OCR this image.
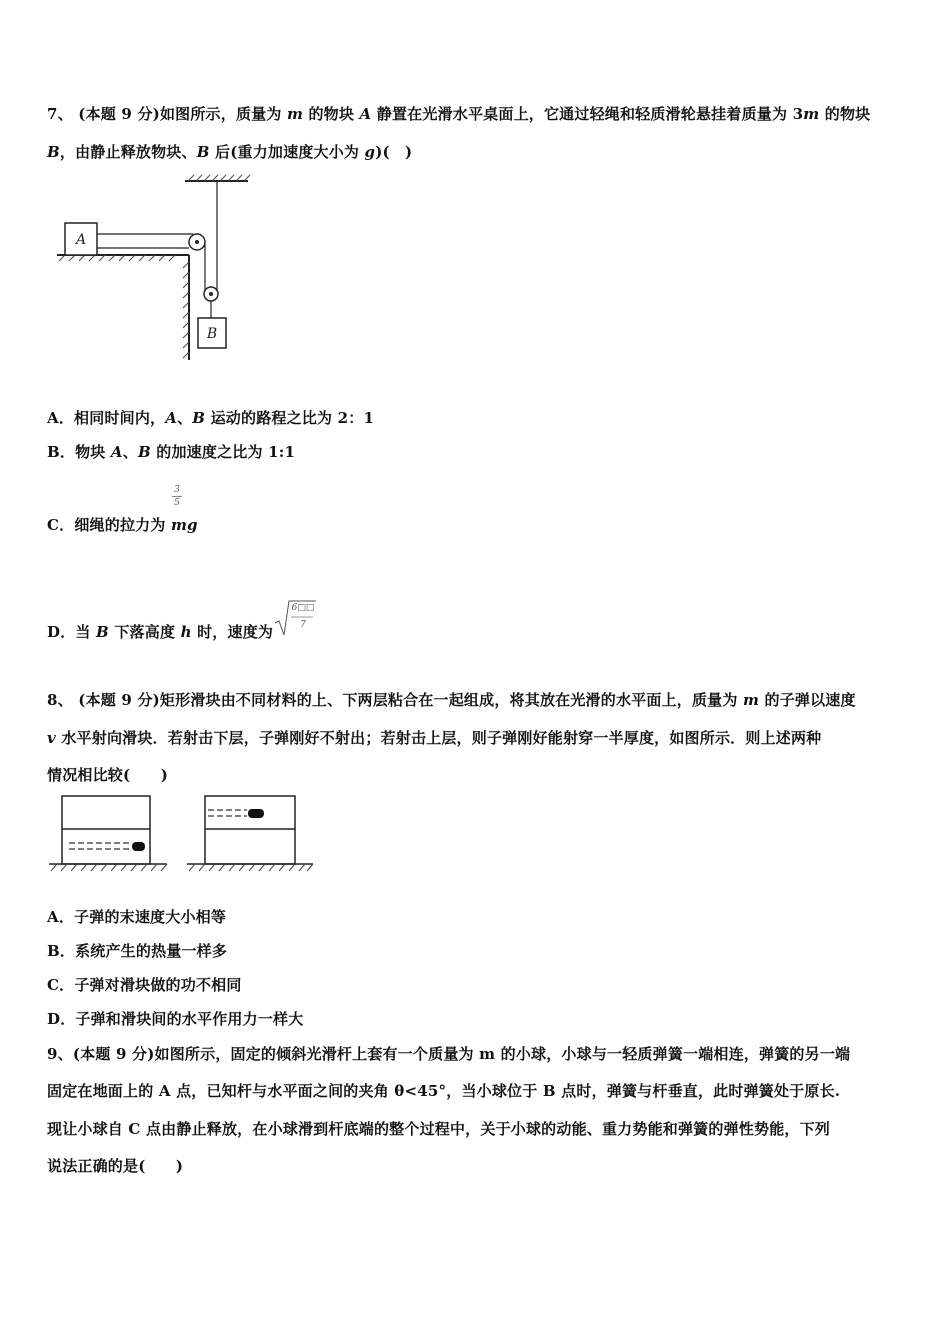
7、 (本题 9 分)如图所示，质量为 m 的物块 A 静置在光滑水平桌面上，它通过轻绳和轻质滑轮悬挂着质量为 3m 的物块
B，由静止释放物块、B 后(重力加速度大小为 g)(　)
A
B
A．相同时间内，A、B 运动的路程之比为 2：1
B．物块 A、B 的加速度之比为 1:1
3
5
C．细绳的拉力为 mg
D．当 B 下落高度 h 时，速度为
6□□
7
8、 (本题 9 分)矩形滑块由不同材料的上、下两层粘合在一起组成，将其放在光滑的水平面上，质量为 m 的子弹以速度
v 水平射向滑块．若射击下层，子弹刚好不射出；若射击上层，则子弹刚好能射穿一半厚度，如图所示．则上述两种
情况相比较(　　)
A．子弹的末速度大小相等
B．系统产生的热量一样多
C．子弹对滑块做的功不相同
D．子弹和滑块间的水平作用力一样大
9、(本题 9 分)如图所示，固定的倾斜光滑杆上套有一个质量为 m 的小球，小球与一轻质弹簧一端相连，弹簧的另一端
固定在地面上的 A 点，已知杆与水平面之间的夹角 θ<45°，当小球位于 B 点时，弹簧与杆垂直，此时弹簧处于原长.
现让小球自 C 点由静止释放，在小球滑到杆底端的整个过程中，关于小球的动能、重力势能和弹簧的弹性势能，下列
说法正确的是(　　)
